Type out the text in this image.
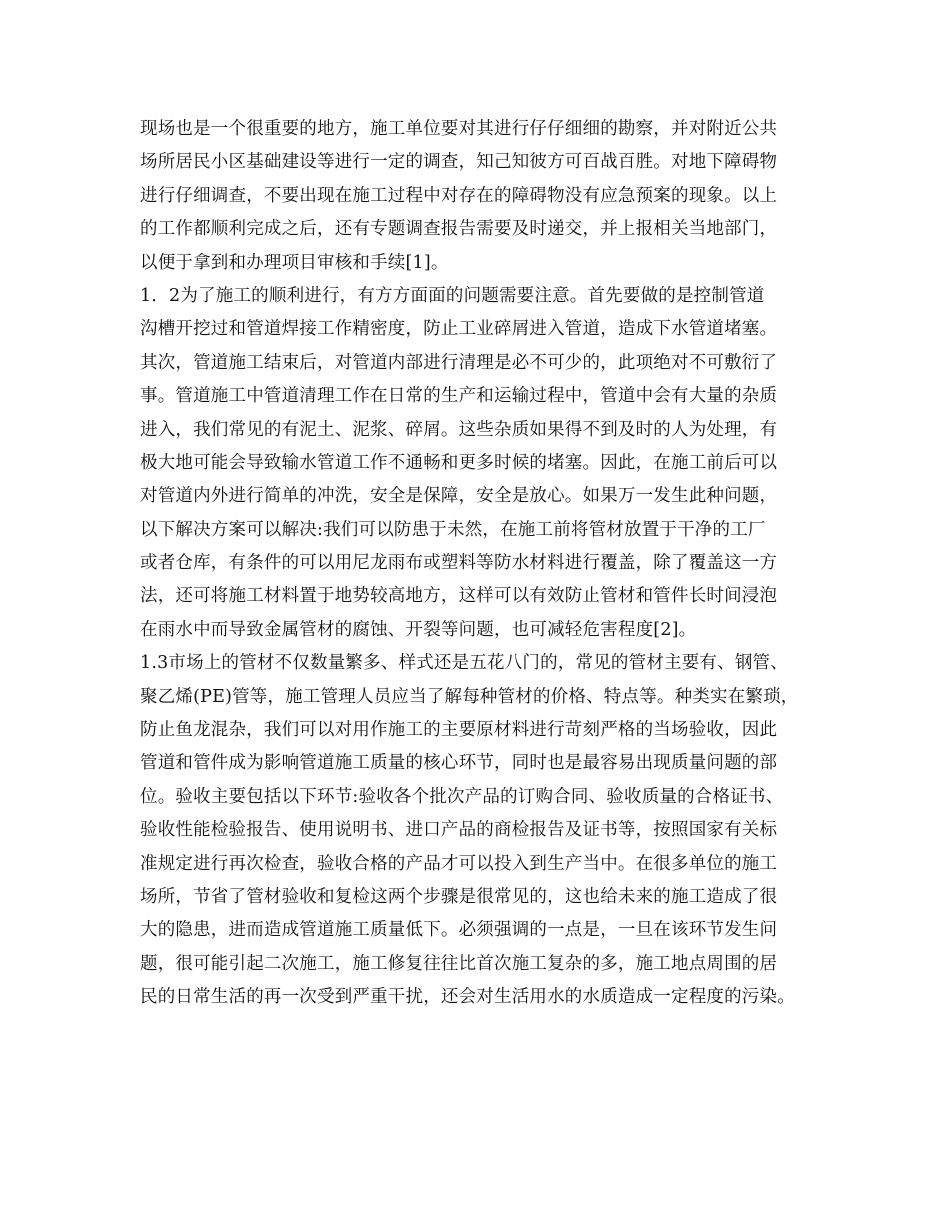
现场也是一个很重要的地方，施工单位要对其进行仔仔细细的勘察，并对附近公共
场所居民小区基础建设等进行一定的调查，知己知彼方可百战百胜。对地下障碍物
进行仔细调查，不要出现在施工过程中对存在的障碍物没有应急预案的现象。以上
的工作都顺利完成之后，还有专题调查报告需要及时递交，并上报相关当地部门，
以便于拿到和办理项目审核和手续[1]。
1．2为了施工的顺利进行，有方方面面的问题需要注意。首先要做的是控制管道
沟槽开挖过和管道焊接工作精密度，防止工业碎屑进入管道，造成下水管道堵塞。
其次，管道施工结束后，对管道内部进行清理是必不可少的，此项绝对不可敷衍了
事。管道施工中管道清理工作在日常的生产和运输过程中，管道中会有大量的杂质
进入，我们常见的有泥土、泥浆、碎屑。这些杂质如果得不到及时的人为处理，有
极大地可能会导致输水管道工作不通畅和更多时候的堵塞。因此，在施工前后可以
对管道内外进行简单的冲洗，安全是保障，安全是放心。如果万一发生此种问题，
以下解决方案可以解决:我们可以防患于未然，在施工前将管材放置于干净的工厂
或者仓库，有条件的可以用尼龙雨布或塑料等防水材料进行覆盖，除了覆盖这一方
法，还可将施工材料置于地势较高地方，这样可以有效防止管材和管件长时间浸泡
在雨水中而导致金属管材的腐蚀、开裂等问题，也可减轻危害程度[2]。
1.3市场上的管材不仅数量繁多、样式还是五花八门的，常见的管材主要有、钢管、
聚乙烯(PE)管等，施工管理人员应当了解每种管材的价格、特点等。种类实在繁琐，
防止鱼龙混杂，我们可以对用作施工的主要原材料进行苛刻严格的当场验收，因此
管道和管件成为影响管道施工质量的核心环节，同时也是最容易出现质量问题的部
位。验收主要包括以下环节:验收各个批次产品的订购合同、验收质量的合格证书、
验收性能检验报告、使用说明书、进口产品的商检报告及证书等，按照国家有关标
准规定进行再次检查，验收合格的产品才可以投入到生产当中。在很多单位的施工
场所，节省了管材验收和复检这两个步骤是很常见的，这也给未来的施工造成了很
大的隐患，进而造成管道施工质量低下。必须强调的一点是，一旦在该环节发生问
题，很可能引起二次施工，施工修复往往比首次施工复杂的多，施工地点周围的居
民的日常生活的再一次受到严重干扰，还会对生活用水的水质造成一定程度的污染。
